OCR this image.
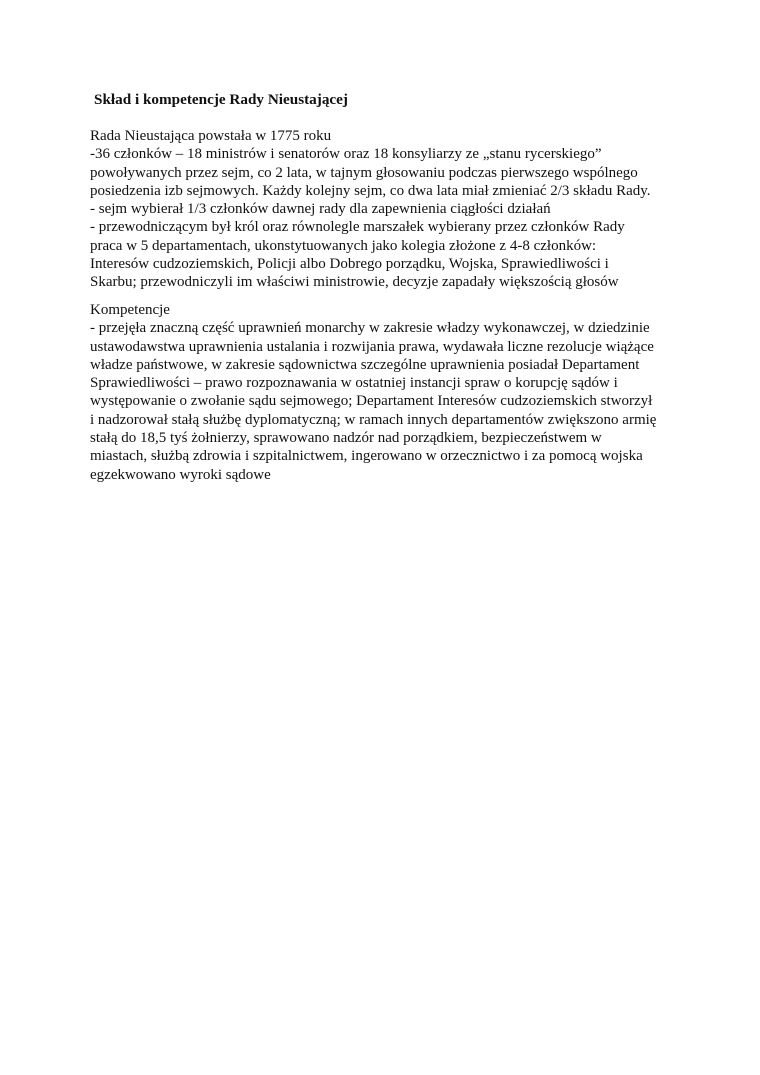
Skład i kompetencje Rady Nieustającej
Rada Nieustająca powstała w 1775 roku
-36 członków – 18 ministrów i senatorów oraz 18 konsyliarzy ze „stanu rycerskiego”
powoływanych przez sejm, co 2 lata, w tajnym głosowaniu podczas pierwszego wspólnego
posiedzenia izb sejmowych. Każdy kolejny sejm, co dwa lata miał zmieniać 2/3 składu Rady.
- sejm wybierał 1/3 członków dawnej rady dla zapewnienia ciągłości działań
- przewodniczącym był król oraz równolegle marszałek wybierany przez członków Rady
praca w 5 departamentach, ukonstytuowanych jako kolegia złożone z 4-8 członków:
Interesów cudzoziemskich, Policji albo Dobrego porządku, Wojska, Sprawiedliwości i
Skarbu; przewodniczyli im właściwi ministrowie, decyzje zapadały większością głosów
Kompetencje
- przejęła znaczną część uprawnień monarchy w zakresie władzy wykonawczej, w dziedzinie
ustawodawstwa uprawnienia ustalania i rozwijania prawa, wydawała liczne rezolucje wiążące
władze państwowe, w zakresie sądownictwa szczególne uprawnienia posiadał Departament
Sprawiedliwości – prawo rozpoznawania w ostatniej instancji spraw o korupcję sądów i
występowanie o zwołanie sądu sejmowego; Departament Interesów cudzoziemskich stworzył
i nadzorował stałą służbę dyplomatyczną; w ramach innych departamentów zwiększono armię
stałą do 18,5 tyś żołnierzy, sprawowano nadzór nad porządkiem, bezpieczeństwem w
miastach, służbą zdrowia i szpitalnictwem, ingerowano w orzecznictwo i za pomocą wojska
egzekwowano wyroki sądowe
